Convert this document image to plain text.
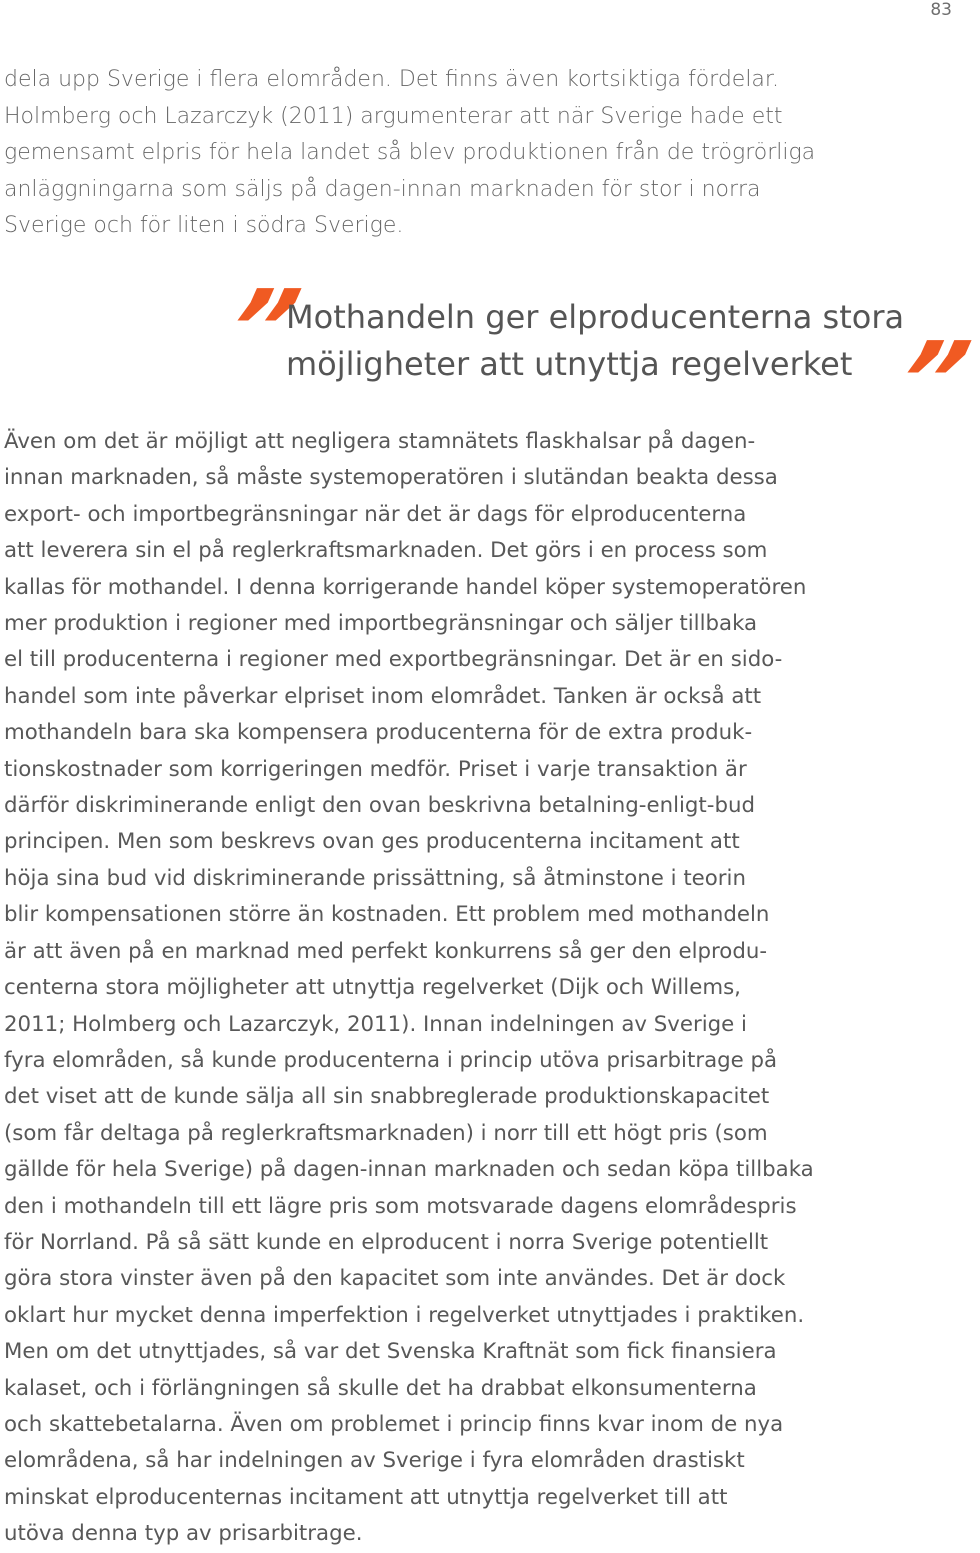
83

dela upp Sverige i flera elområden. Det finns även kortsiktiga fördelar.
Holmberg och Lazarczyk (2011) argumenterar att när Sverige hade ett
gemensamt elpris för hela landet så blev produktionen från de trögrörliga
anläggningarna som säljs på dagen-innan marknaden för stor i norra
Sverige och för liten i södra Sverige.

”

Mothandeln ger elproducenterna stora
möjligheter att utnyttja regelverket ”

Även om det är möjligt att negligera stamnätets flaskhalsar på dagen-
innan marknaden, så måste systemoperatören i slutändan beakta dessa
export- och importbegränsningar när det är dags för elproducenterna
att leverera sin el på reglerkraftsmarknaden. Det görs i en process som
kallas för mothandel. I denna korrigerande handel köper systemoperatören
mer produktion i regioner med importbegränsningar och säljer tillbaka
el till producenterna i regioner med exportbegränsningar. Det är en sido-
handel som inte påverkar elpriset inom elområdet. Tanken är också att
mothandeln bara ska kompensera producenterna för de extra produk-
tionskostnader som korrigeringen medför. Priset i varje transaktion är
därför diskriminerande enligt den ovan beskrivna betalning-enligt-bud
principen. Men som beskrevs ovan ges producenterna incitament att
höja sina bud vid diskriminerande prissättning, så åtminstone i teorin
blir kompensationen större än kostnaden. Ett problem med mothandeln
är att även på en marknad med perfekt konkurrens så ger den elprodu-
centerna stora möjligheter att utnyttja regelverket (Dijk och Willems,
2011; Holmberg och Lazarczyk, 2011). Innan indelningen av Sverige i
fyra elområden, så kunde producenterna i princip utöva prisarbitrage på
det viset att de kunde sälja all sin snabbreglerade produktionskapacitet
(som får deltaga på reglerkraftsmarknaden) i norr till ett högt pris (som
gällde för hela Sverige) på dagen-innan marknaden och sedan köpa tillbaka
den i mothandeln till ett lägre pris som motsvarade dagens elområdespris
för Norrland. På så sätt kunde en elproducent i norra Sverige potentiellt
göra stora vinster även på den kapacitet som inte användes. Det är dock
oklart hur mycket denna imperfektion i regelverket utnyttjades i praktiken.
Men om det utnyttjades, så var det Svenska Kraftnät som fick finansiera
kalaset, och i förlängningen så skulle det ha drabbat elkonsumenterna
och skattebetalarna. Även om problemet i princip finns kvar inom de nya
elområdena, så har indelningen av Sverige i fyra elområden drastiskt
minskat elproducenternas incitament att utnyttja regelverket till att
utöva denna typ av prisarbitrage.
